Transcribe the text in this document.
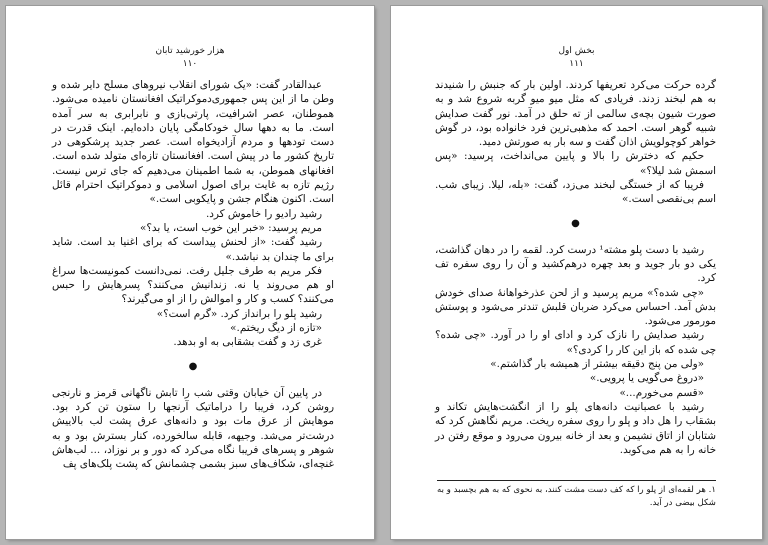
هزار خورشید تابان
۱۱۰

عبدالقادر گفت: «یک شورای انقلاب نیروهای مسلح دایر شده و وطن ما از این پس جمهوری‌دموکراتیک افغانستان نامیده می‌شود. هموطنان، عصر اشرافیت، پارتی‌بازی و نابرابری به سر آمده است. ما به دهها سال خودکامگی پایان داده‌ایم. اینک قدرت در دست تودهها و مردم آزادیخواه است. عصر جدید پرشکوهی در تاریخ کشور ما در پیش است. افغانستان تازه‌ای متولد شده است. افغانهای هموطن، به شما اطمینان می‌دهیم که جای ترس نیست. رژیم تازه به غایت برای اصول اسلامی و دموکراتیک احترام قائل است. اکنون هنگام جشن و پایکوبی است.»

رشید رادیو را خاموش کرد.

مریم پرسید: «خبر این خوب است، یا بد؟»

رشید گفت: «از لحنش پیداست که برای اغنیا بد است. شاید برای ما چندان بد نباشد.»

فکر مریم به طرف جلیل رفت. نمی‌دانست کمونیست‌ها سراغ او هم می‌روند یا نه. زندانیش می‌کنند؟ پسرهایش را حبس می‌کنند؟ کسب و کار و اموالش را از او می‌گیرند؟

رشید پلو را برانداز کرد. «گرم است؟»

«تازه از دیگ ریختم.»

غری زد و گفت بشقابی به او بدهد.

●

در پایین آن خیابان وقتی شب را تابش ناگهانی قرمز و نارنجی روشن کرد، فریبا را دراماتیک آرنجها را ستون تن کرد بود. موهایش از عرق مات بود و دانه‌های عرق پشت لب بالاییش درشت‌تر می‌شد. وجیهه، قابله سالخورده، کنار بسترش بود و به شوهر و پسرهای فریبا نگاه می‌کرد که دور و بر نوزاد، ... لب‌هاش غنچه‌ای، شکاف‌های سبز بشمی چشمانش که پشت پلک‌های پف

بخش اول
۱۱۱

گرده حرکت می‌کرد تعریفها کردند. اولین بار که جنبش را شنیدند به هم لبخند زدند. فریادی که مثل میو میو گربه شروع شد و به صورت شیون بچه‌ی سالمی از ته حلق در آمد. نور گفت صدایش شبیه گوهر است. احمد که مذهبی‌ترین فرد خانواده بود، در گوش خواهر کوچولویش اذان گفت و سه بار به صورتش دمید.

حکیم که دخترش را بالا و پایین می‌انداخت، پرسید: «پس اسمش شد لیلا؟»

فریبا که از خستگی لبخند می‌زد، گفت: «بله، لیلا. زیبای شب. اسم بی‌نقصی است.»

●

رشید با دست پلو مشته¹ درست کرد. لقمه را در دهان گذاشت، یکی دو بار جوید و بعد چهره درهم‌کشید و آن را روی سفره تف کرد.

«چی شده؟» مریم پرسید و از لحن عذرخواهانهٔ صدای خودش بدش آمد. احساس می‌کرد ضربان قلبش تندتر می‌شود و پوستش مورمور می‌شود.

رشید صدایش را نازک کرد و ادای او را در آورد. «چی شده؟ چی شده که باز این کار را کردی؟»

«ولی من پنج دقیقه بیشتر از همیشه بار گذاشتم.»

«دروغ می‌گویی یا پرویی.»

«قسم می‌خورم...»

رشید با عصبانیت دانه‌های پلو را از انگشت‌هایش تکاند و بشقاب را هل داد و پلو را روی سفره ریخت. مریم نگاهش کرد که شتابان از اتاق نشیمن و بعد از خانه بیرون می‌رود و موقع رفتن در خانه را به هم می‌کوبد.

۱. هر لقمه‌ای از پلو را که کف دست مشت کنند، به نحوی که به هم بچسبد و به شکل بیضی در آید.
